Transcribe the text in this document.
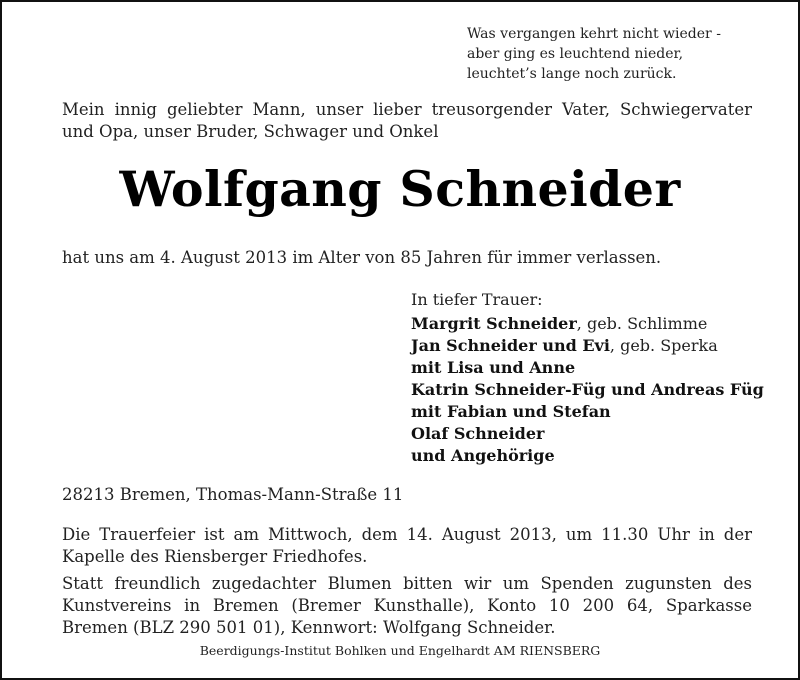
Was vergangen kehrt nicht wieder -
aber ging es leuchtend nieder,
leuchtet’s lange noch zurück.
Mein innig geliebter Mann, unser lieber treusorgender Vater, Schwiegervater
und Opa, unser Bruder, Schwager und Onkel
Wolfgang Schneider
hat uns am 4. August 2013 im Alter von 85 Jahren für immer verlassen.
In tiefer Trauer:
Margrit Schneider, geb. Schlimme
Jan Schneider und Evi, geb. Sperka
mit Lisa und Anne
Katrin Schneider-Füg und Andreas Füg
mit Fabian und Stefan
Olaf Schneider
und Angehörige
28213 Bremen, Thomas-Mann-Straße 11
Die Trauerfeier ist am Mittwoch, dem 14. August 2013, um 11.30 Uhr in der
Kapelle des Riensberger Friedhofes.
Statt freundlich zugedachter Blumen bitten wir um Spenden zugunsten des
Kunstvereins in Bremen (Bremer Kunsthalle), Konto 10 200 64, Sparkasse
Bremen (BLZ 290 501 01), Kennwort: Wolfgang Schneider.
Beerdigungs-Institut Bohlken und Engelhardt AM RIENSBERG
